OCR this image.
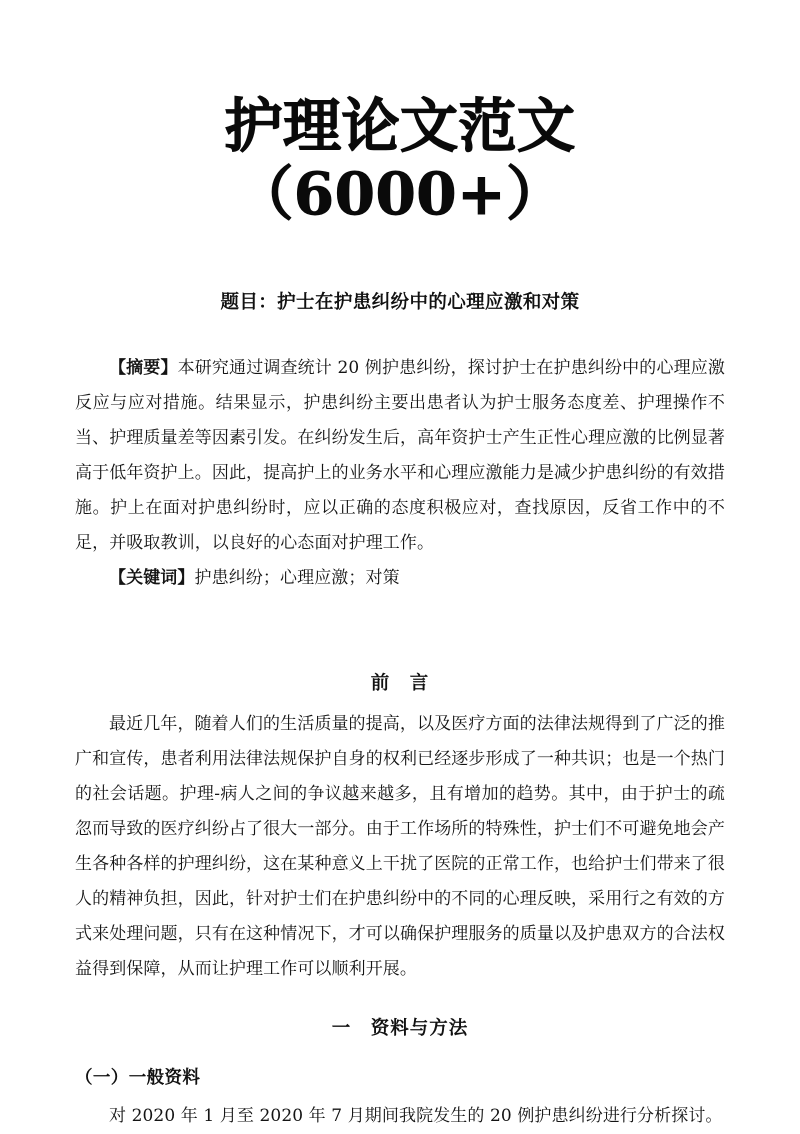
护理论文范文（6000+）
题目：护士在护患纠纷中的心理应激和对策

【摘要】本研究通过调查统计 20 例护患纠纷，探讨护士在护患纠纷中的心理应激反应与应对措施。结果显示，护患纠纷主要出患者认为护士服务态度差、护理操作不当、护理质量差等因素引发。在纠纷发生后，高年资护士产生正性心理应激的比例显著高于低年资护上。因此，提高护上的业务水平和心理应激能力是减少护患纠纷的有效措施。护上在面对护患纠纷时，应以正确的态度积极应对，查找原因，反省工作中的不足，并吸取教训，以良好的心态面对护理工作。

【关键词】护患纠纷；心理应激；对策

前　言

最近几年，随着人们的生活质量的提高，以及医疗方面的法律法规得到了广泛的推广和宣传，患者利用法律法规保护自身的权利已经逐步形成了一种共识；也是一个热门的社会话题。护理-病人之间的争议越来越多，且有增加的趋势。其中，由于护士的疏忽而导致的医疗纠纷占了很大一部分。由于工作场所的特殊性，护士们不可避免地会产生各种各样的护理纠纷，这在某种意义上干扰了医院的正常工作，也给护士们带来了很人的精神负担，因此，针对护士们在护患纠纷中的不同的心理反映，采用行之有效的方式来处理问题，只有在这种情况下，才可以确保护理服务的质量以及护患双方的合法权益得到保障，从而让护理工作可以顺利开展。

一　资料与方法
（一）一般资料

对 2020 年 1 月至 2020 年 7 月期间我院发生的 20 例护患纠纷进行分析探讨。
